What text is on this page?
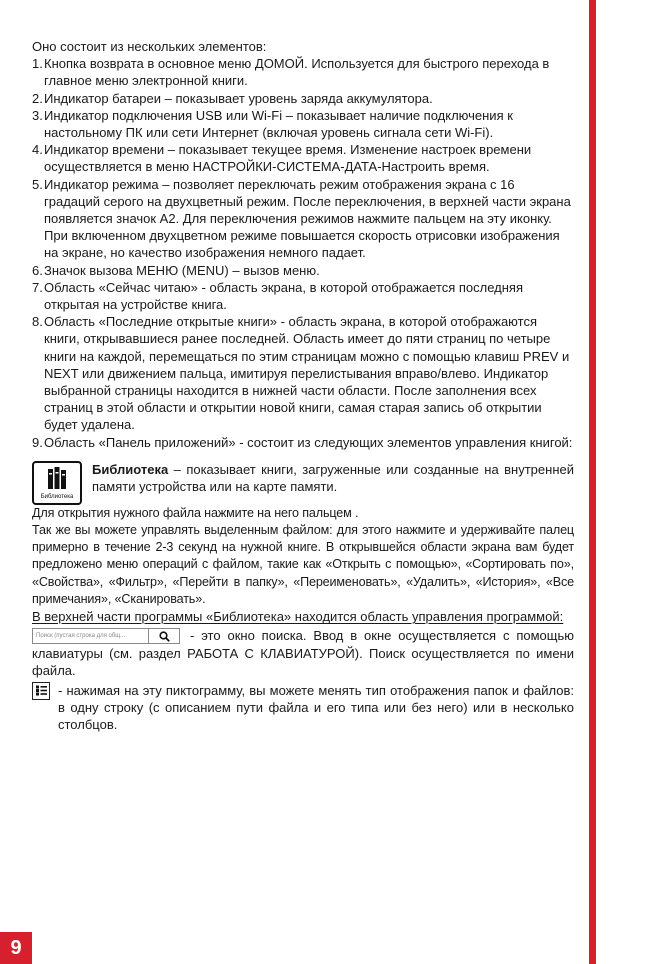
Оно состоит из нескольких элементов:

1. Кнопка возврата в основное меню ДОМОЙ. Используется для быстрого перехода в главное меню электронной книги.
2. Индикатор батареи – показывает уровень заряда аккумулятора.
3. Индикатор подключения USB или Wi-Fi – показывает наличие подключения к настольному ПК или сети Интернет (включая уровень сигнала сети Wi-Fi).
4. Индикатор времени – показывает текущее время. Изменение настроек времени осуществляется в меню НАСТРОЙКИ-СИСТЕМА-ДАТА-Настроить время.
5. Индикатор режима – позволяет переключать режим отображения экрана с 16 градаций серого на двухцветный режим. После переключения, в верхней части экрана появляется значок А2. Для переключения режимов нажмите пальцем на эту иконку. При включенном двухцветном режиме повышается скорость отрисовки изображения на экране, но качество изображения немного падает.
6. Значок вызова МЕНЮ (MENU) – вызов меню.
7. Область «Сейчас читаю» - область экрана, в которой отображается последняя открытая на устройстве книга.
8. Область «Последние открытые книги» - область экрана, в которой отображаются книги, открывавшиеся ранее последней. Область имеет до пяти страниц по четыре книги на каждой, перемещаться по этим страницам можно с помощью клавиш PREV и NEXT или движением пальца, имитируя перелистывания вправо/влево. Индикатор выбранной страницы находится в нижней части области. После заполнения всех страниц в этой области и открытии новой книги, самая старая запись об открытии будет удалена.
9. Область «Панель приложений» - состоит из следующих элементов управления книгой:
Библиотека

Библиотека – показывает книги, загруженные или созданные на внутренней памяти устройства или на карте памяти.

Для открытия нужного файла нажмите на него пальцем .

Так же вы можете управлять выделенным файлом: для этого нажмите и удерживайте палец примерно в течение 2-3 секунд на нужной книге. В открывшейся области экрана вам будет предложено меню операций с файлом, такие как «Открыть с помощью», «Сортировать по», «Свойства», «Фильтр», «Перейти в папку», «Переименовать», «Удалить», «История», «Все примечания», «Сканировать».

В верхней части программы «Библиотека» находится область управления программой:

Поиск (пустая строка для общ...	- это окно поиска. Ввод в окне осуществляется с помощью клавиатуры (см. раздел РАБОТА С КЛАВИАТУРОЙ). Поиск осуществляется по имени файла.

- нажимая на эту пиктограмму, вы можете менять тип отображения папок и файлов: в одну строку (с описанием пути файла и его типа или без него) или в несколько столбцов.

9
